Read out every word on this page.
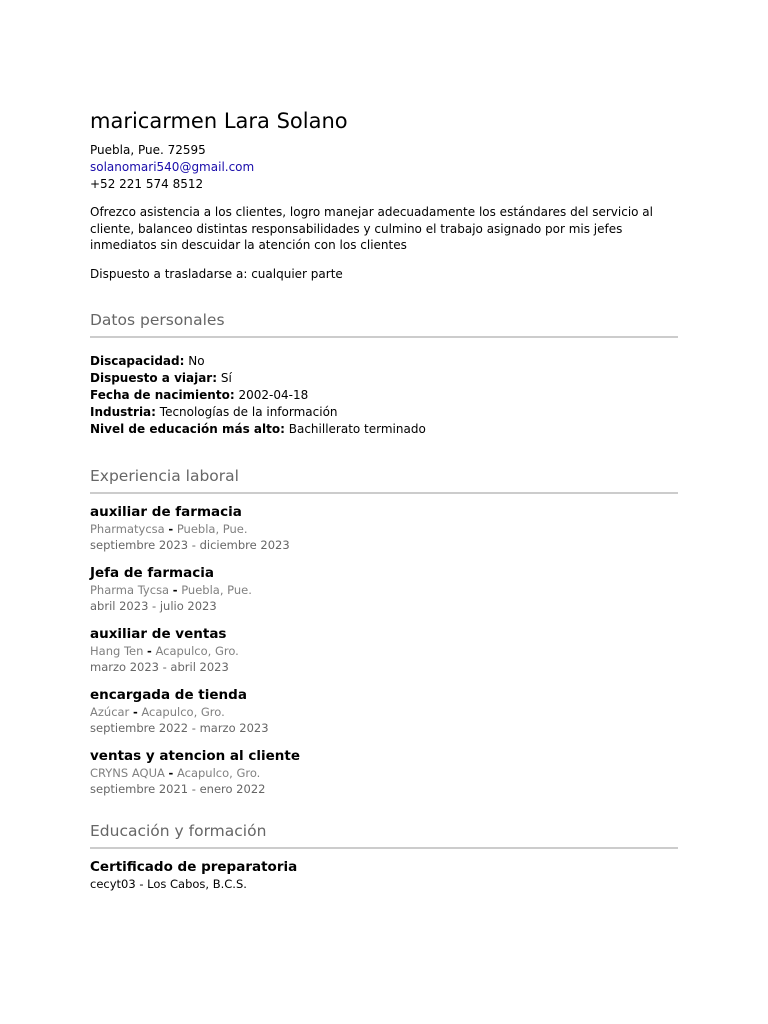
maricarmen Lara Solano
Puebla, Pue. 72595
solanomari540@gmail.com
+52 221 574 8512
Ofrezco asistencia a los clientes, logro manejar adecuadamente los estándares del servicio al cliente, balanceo distintas responsabilidades y culmino el trabajo asignado por mis jefes inmediatos sin descuidar la atención con los clientes
Dispuesto a trasladarse a: cualquier parte
Datos personales
Discapacidad: No
Dispuesto a viajar: Sí
Fecha de nacimiento: 2002-04-18
Industria: Tecnologías de la información
Nivel de educación más alto: Bachillerato terminado
Experiencia laboral
auxiliar de farmacia
Pharmatycsa - Puebla, Pue.
septiembre 2023 - diciembre 2023
Jefa de farmacia
Pharma Tycsa - Puebla, Pue.
abril 2023 - julio 2023
auxiliar de ventas
Hang Ten - Acapulco, Gro.
marzo 2023 - abril 2023
encargada de tienda
Azúcar - Acapulco, Gro.
septiembre 2022 - marzo 2023
ventas y atencion al cliente
CRYNS AQUA - Acapulco, Gro.
septiembre 2021 - enero 2022
Educación y formación
Certificado de preparatoria
cecyt03 - Los Cabos, B.C.S.
